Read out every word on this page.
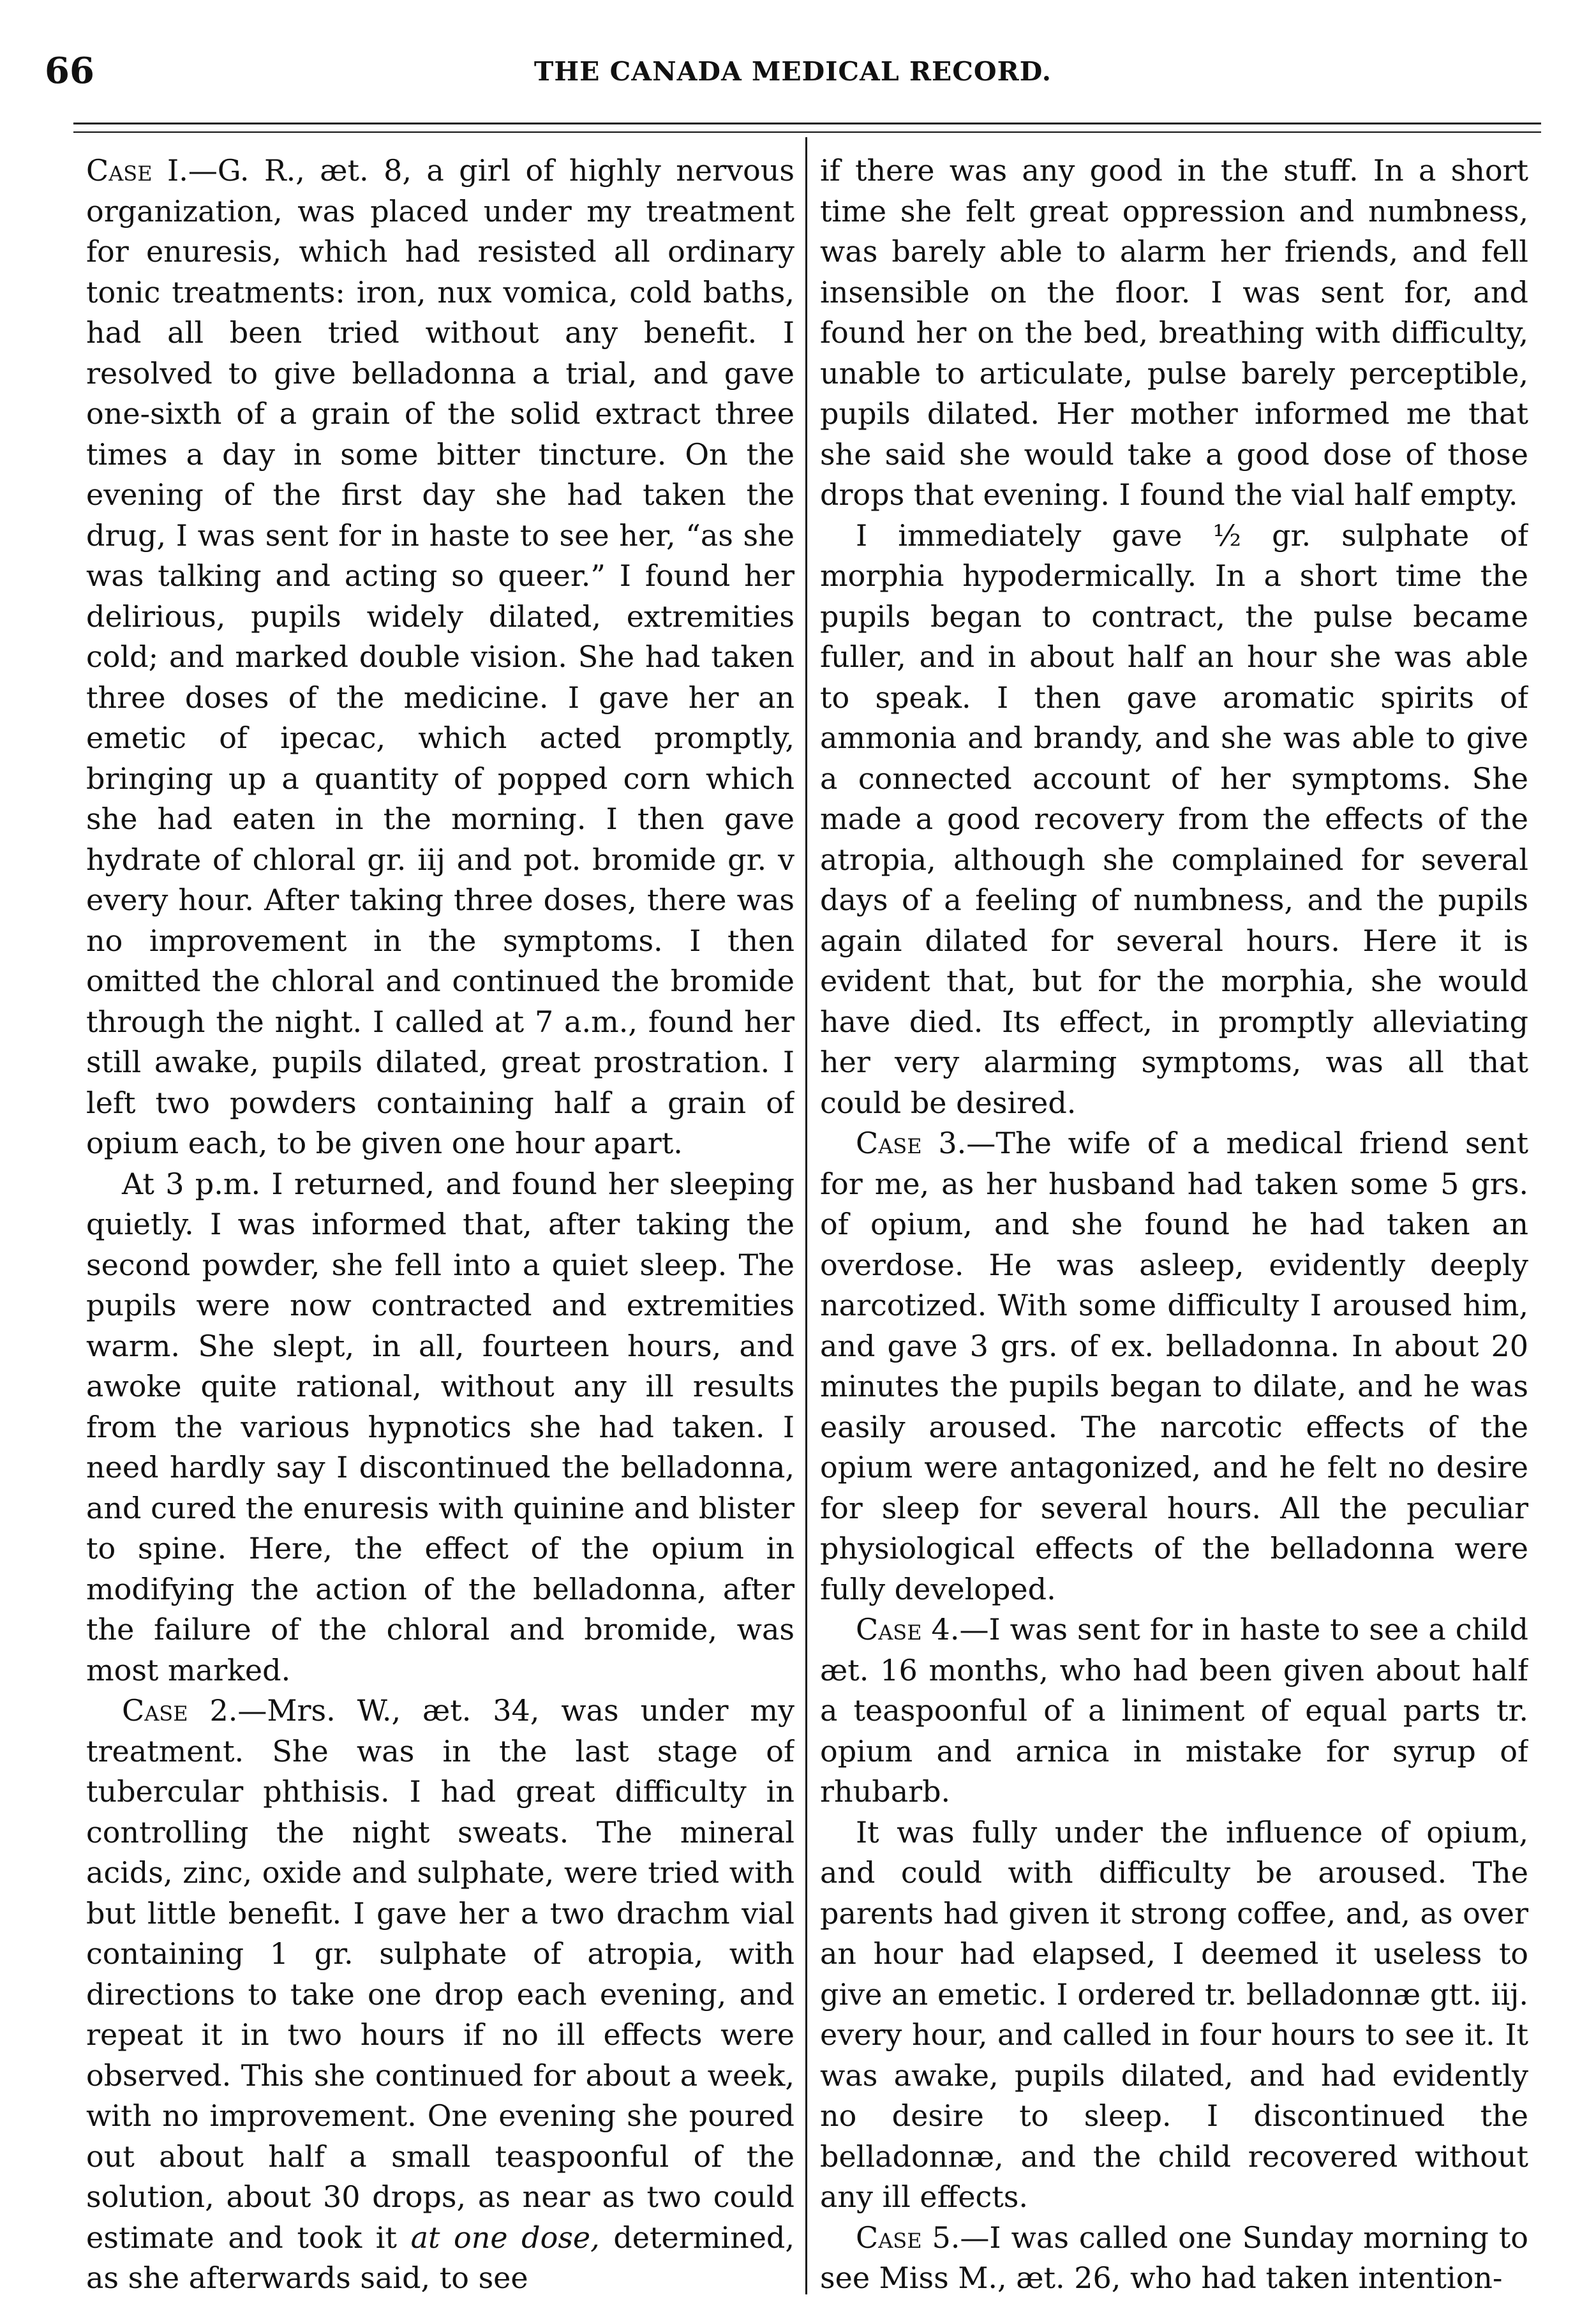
66	THE CANADA MEDICAL RECORD.

Case I.—G. R., æt. 8, a girl of highly nervous organization, was placed under my treatment for enuresis, which had resisted all ordinary tonic treatments: iron, nux vomica, cold baths, had all been tried without any benefit. I resolved to give belladonna a trial, and gave one-sixth of a grain of the solid extract three times a day in some bitter tincture. On the evening of the first day she had taken the drug, I was sent for in haste to see her, “as she was talking and acting so queer.” I found her delirious, pupils widely dilated, extremities cold; and marked double vision. She had taken three doses of the medicine. I gave her an emetic of ipecac, which acted promptly, bringing up a quantity of popped corn which she had eaten in the morning. I then gave hydrate of chloral gr. iij and pot. bromide gr. v every hour. After taking three doses, there was no improvement in the symptoms. I then omitted the chloral and continued the bromide through the night. I called at 7 a.m., found her still awake, pupils dilated, great prostration. I left two powders containing half a grain of opium each, to be given one hour apart.

At 3 p.m. I returned, and found her sleeping quietly. I was informed that, after taking the second powder, she fell into a quiet sleep. The pupils were now contracted and extremities warm. She slept, in all, fourteen hours, and awoke quite rational, without any ill results from the various hypnotics she had taken. I need hardly say I discontinued the belladonna, and cured the enuresis with quinine and blister to spine. Here, the effect of the opium in modifying the action of the belladonna, after the failure of the chloral and bromide, was most marked.

Case 2.—Mrs. W., æt. 34, was under my treatment. She was in the last stage of tubercular phthisis. I had great difficulty in controlling the night sweats. The mineral acids, zinc, oxide and sulphate, were tried with but little benefit. I gave her a two drachm vial containing 1 gr. sulphate of atropia, with directions to take one drop each evening, and repeat it in two hours if no ill effects were observed. This she continued for about a week, with no improvement. One evening she poured out about half a small teaspoonful of the solution, about 30 drops, as near as two could estimate and took it at one dose, determined, as she afterwards said, to see

if there was any good in the stuff. In a short time she felt great oppression and numbness, was barely able to alarm her friends, and fell insensible on the floor. I was sent for, and found her on the bed, breathing with difficulty, unable to articulate, pulse barely perceptible, pupils dilated. Her mother informed me that she said she would take a good dose of those drops that evening. I found the vial half empty.

I immediately gave ½ gr. sulphate of morphia hypodermically. In a short time the pupils began to contract, the pulse became fuller, and in about half an hour she was able to speak. I then gave aromatic spirits of ammonia and brandy, and she was able to give a connected account of her symptoms. She made a good recovery from the effects of the atropia, although she complained for several days of a feeling of numbness, and the pupils again dilated for several hours. Here it is evident that, but for the morphia, she would have died. Its effect, in promptly alleviating her very alarming symptoms, was all that could be desired.

Case 3.—The wife of a medical friend sent for me, as her husband had taken some 5 grs. of opium, and she found he had taken an overdose. He was asleep, evidently deeply narcotized. With some difficulty I aroused him, and gave 3 grs. of ex. belladonna. In about 20 minutes the pupils began to dilate, and he was easily aroused. The narcotic effects of the opium were antagonized, and he felt no desire for sleep for several hours. All the peculiar physiological effects of the belladonna were fully developed.

Case 4.—I was sent for in haste to see a child æt. 16 months, who had been given about half a teaspoonful of a liniment of equal parts tr. opium and arnica in mistake for syrup of rhubarb.

It was fully under the influence of opium, and could with difficulty be aroused. The parents had given it strong coffee, and, as over an hour had elapsed, I deemed it useless to give an emetic. I ordered tr. belladonnæ gtt. iij. every hour, and called in four hours to see it. It was awake, pupils dilated, and had evidently no desire to sleep. I discontinued the belladonnæ, and the child recovered without any ill effects.

Case 5.—I was called one Sunday morning to see Miss M., æt. 26, who had taken intention-
